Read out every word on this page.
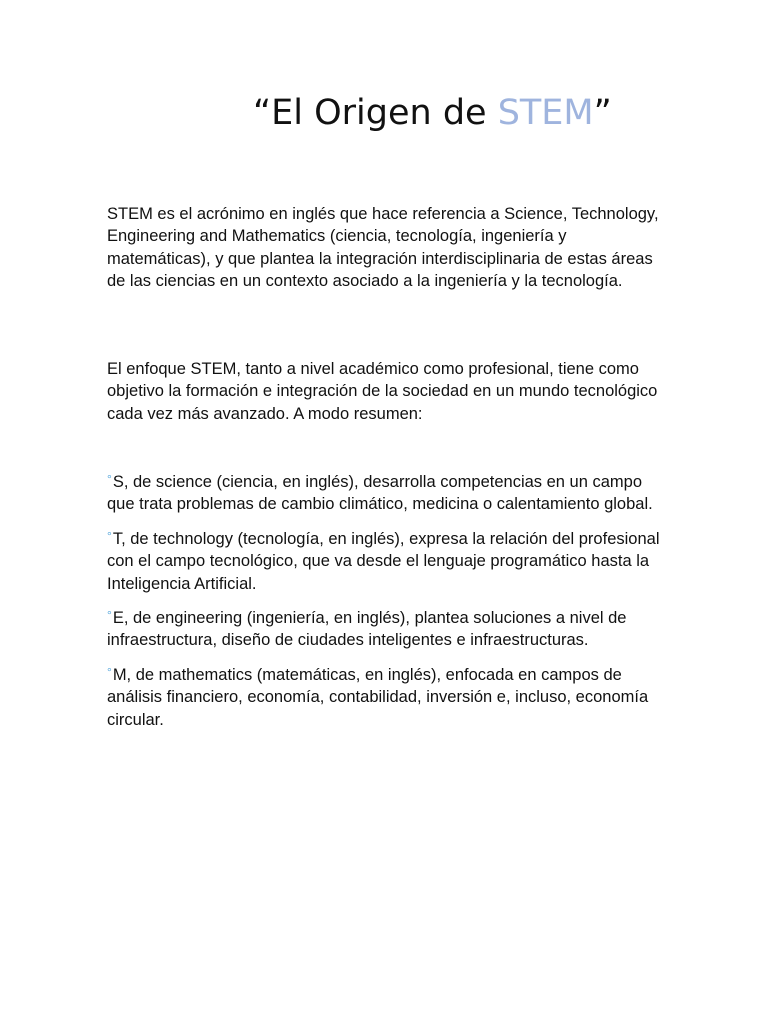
“El Origen de STEM”

STEM es el acrónimo en inglés que hace referencia a Science, Technology, Engineering and Mathematics (ciencia, tecnología, ingeniería y matemáticas), y que plantea la integración interdisciplinaria de estas áreas de las ciencias en un contexto asociado a la ingeniería y la tecnología.

El enfoque STEM, tanto a nivel académico como profesional, tiene como objetivo la formación e integración de la sociedad en un mundo tecnológico cada vez más avanzado. A modo resumen:

°S, de science (ciencia, en inglés), desarrolla competencias en un campo que trata problemas de cambio climático, medicina o calentamiento global.
°T, de technology (tecnología, en inglés), expresa la relación del profesional con el campo tecnológico, que va desde el lenguaje programático hasta la Inteligencia Artificial.
°E, de engineering (ingeniería, en inglés), plantea soluciones a nivel de infraestructura, diseño de ciudades inteligentes e infraestructuras.
°M, de mathematics (matemáticas, en inglés), enfocada en campos de análisis financiero, economía, contabilidad, inversión e, incluso, economía circular.
